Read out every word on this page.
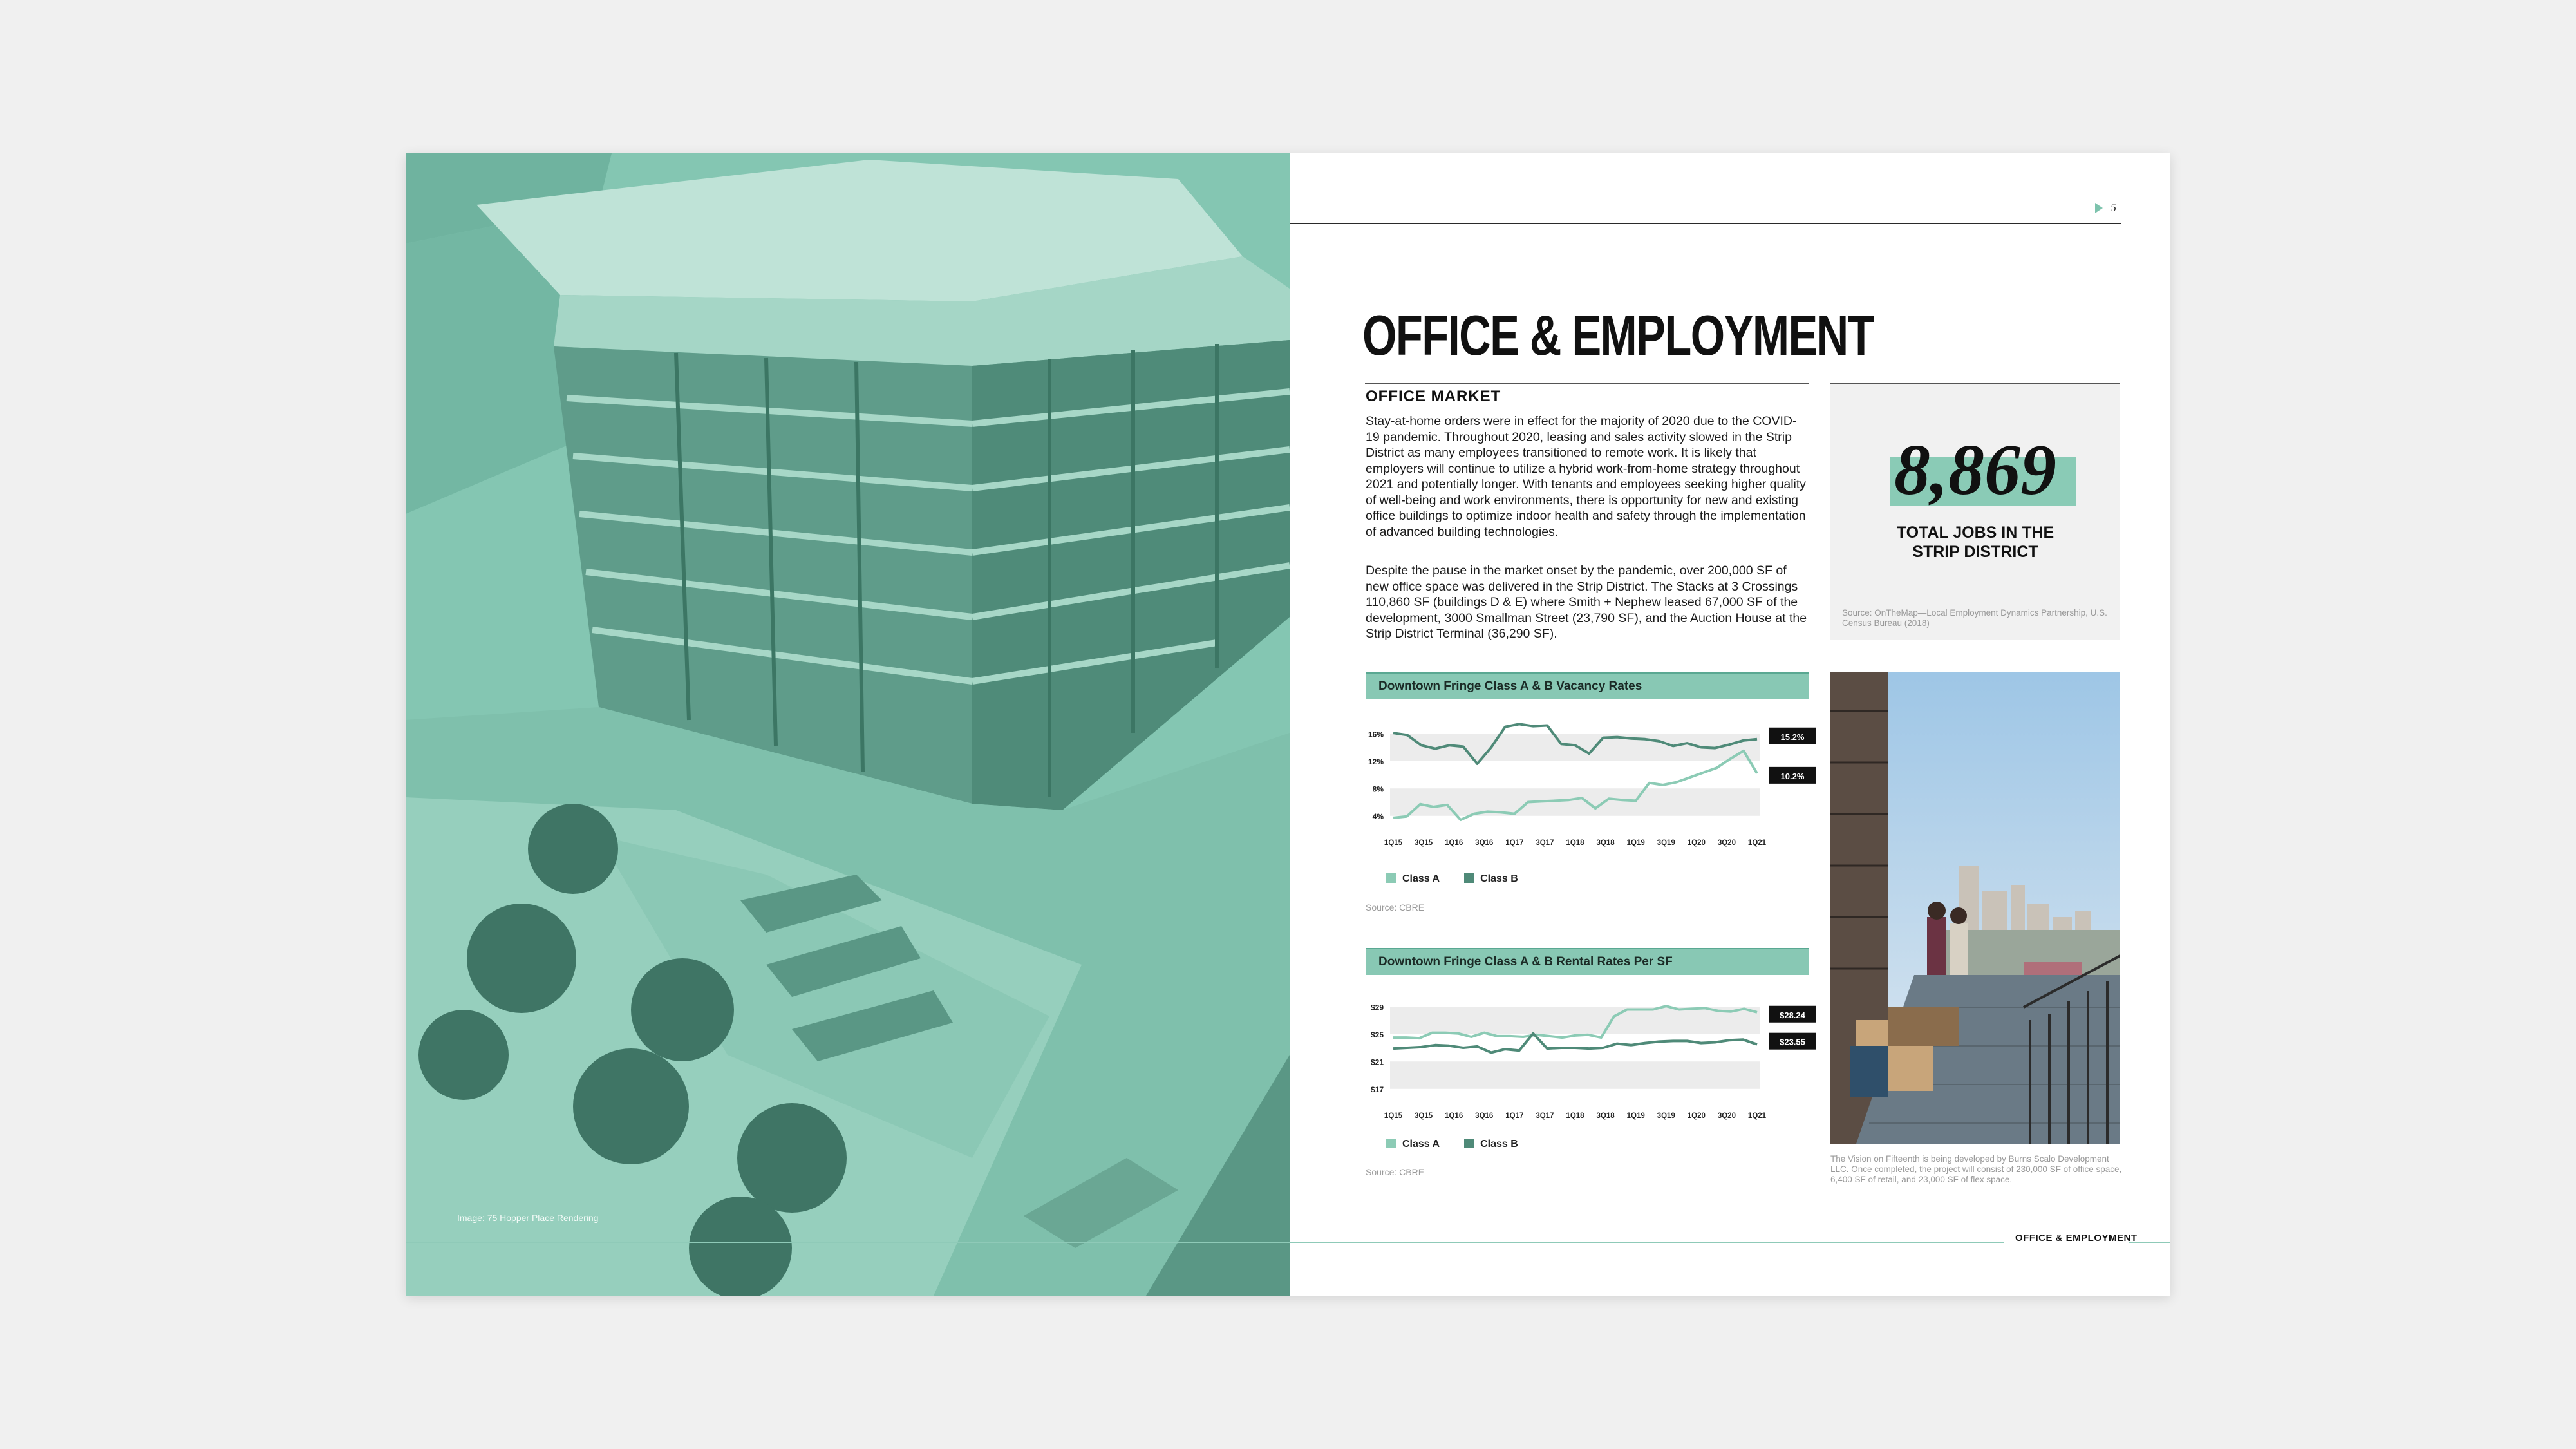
Image: 75 Hopper Place Rendering
5
OFFICE & EMPLOYMENT
OFFICE MARKET
Stay-at-home orders were in effect for the majority of 2020 due to the COVID-19 pandemic. Throughout 2020, leasing and sales activity slowed in the Strip District as many employees transitioned to remote work. It is likely that employers will continue to utilize a hybrid work-from-home strategy throughout 2021 and potentially longer. With tenants and employees seeking higher quality of well-being and work environments, there is opportunity for new and existing office buildings to optimize indoor health and safety through the implementation of advanced building technologies.
Despite the pause in the market onset by the pandemic, over 200,000 SF of new office space was delivered in the Strip District. The Stacks at 3 Crossings 110,860 SF (buildings D & E) where Smith + Nephew leased 67,000 SF of the development, 3000 Smallman Street (23,790 SF), and the Auction House at the Strip District Terminal (36,290 SF).
8,869
TOTAL JOBS IN THE
STRIP DISTRICT
Source: OnTheMap—Local Employment Dynamics Partnership, U.S. Census Bureau (2018)
Downtown Fringe Class A & B Vacancy Rates
16%
12%
8%
4%
1Q15 3Q15 1Q16 3Q16 1Q17 3Q17 1Q18 3Q18 1Q19 3Q19 1Q20 3Q20 1Q21
10.2%
15.2%
Class A	Class B
Source: CBRE
Downtown Fringe Class A & B Rental Rates Per SF
$29
$25
$21
$17
1Q15 3Q15 1Q16 3Q16 1Q17 3Q17 1Q18 3Q18 1Q19 3Q19 1Q20 3Q20 1Q21
$28.24
$23.55
Class A	Class B
Source: CBRE
The Vision on Fifteenth is being developed by Burns Scalo Development LLC. Once completed, the project will consist of 230,000 SF of office space, 6,400 SF of retail, and 23,000 SF of flex space.
OFFICE & EMPLOYMENT
